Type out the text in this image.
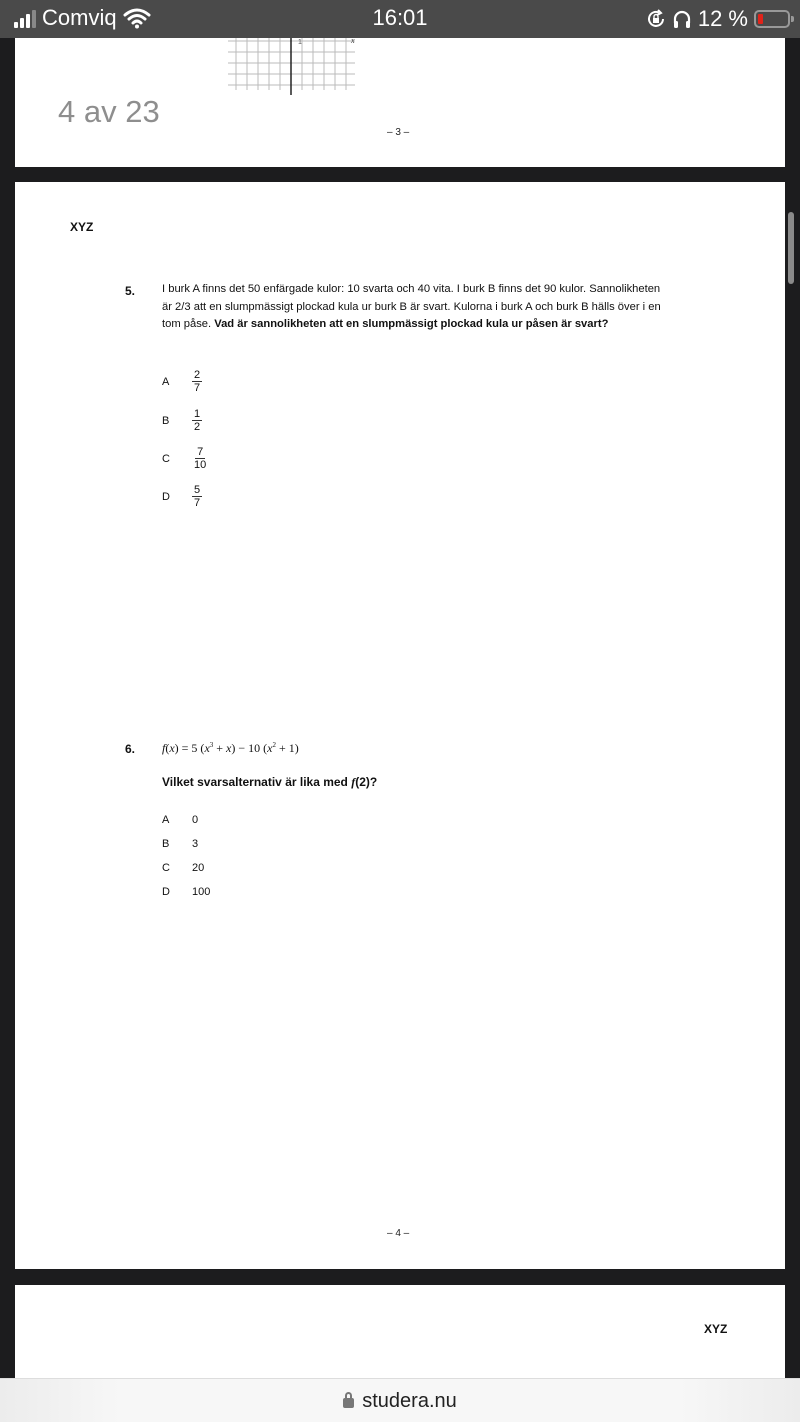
Comviq	16:01	12 %
1	x
4 av 23
– 3 –
XYZ
5. I burk A finns det 50 enfärgade kulor: 10 svarta och 40 vita. I burk B finns det 90 kulor. Sannolikheten är 2/3 att en slumpmässigt plockad kula ur burk B är svart. Kulorna i burk A och burk B hälls över i en tom påse. Vad är sannolikheten att en slumpmässigt plockad kula ur påsen är svart?
A	$\frac{2}{7}$
B	$\frac{1}{2}$
C	$\frac{7}{10}$
D	$\frac{5}{7}$
6. f(x) = 5 $(x^3 + x) - 10$ $(x^2 + 1)$
Vilket svarsalternativ är lika med f(2)?
A	0
B	3
C	20
D	100
– 4 –
XYZ
studera.nu
